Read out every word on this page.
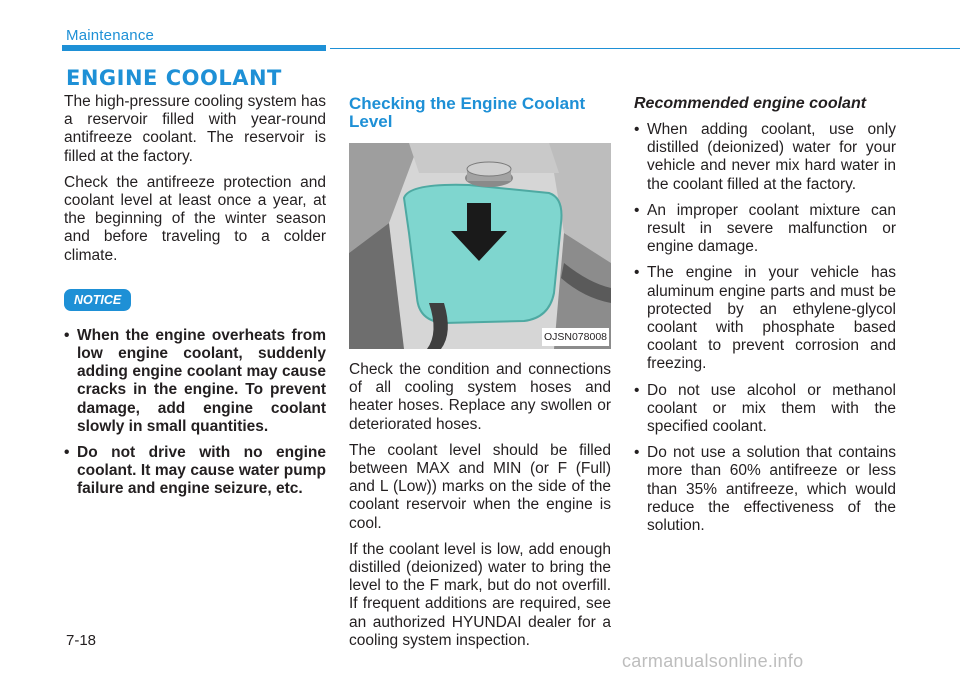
Maintenance
ENGINE COOLANT

The high-pressure cooling system has a reservoir filled with year-round antifreeze coolant. The reservoir is filled at the factory.

Check the antifreeze protection and coolant level at least once a year, at the beginning of the winter season and before traveling to a colder climate.

NOTICE
• When the engine overheats from low engine coolant, suddenly adding engine coolant may cause cracks in the engine. To prevent damage, add engine coolant slowly in small quantities.
• Do not drive with no engine coolant. It may cause water pump failure and engine seizure, etc.
Checking the Engine Coolant Level
OJSN078008

Check the condition and connections of all cooling system hoses and heater hoses. Replace any swollen or deteriorated hoses.

The coolant level should be filled between MAX and MIN (or F (Full) and L (Low)) marks on the side of the coolant reservoir when the engine is cool.

If the coolant level is low, add enough distilled (deionized) water to bring the level to the F mark, but do not overfill. If frequent additions are required, see an authorized HYUNDAI dealer for a cooling system inspection.

Recommended engine coolant
• When adding coolant, use only distilled (deionized) water for your vehicle and never mix hard water in the coolant filled at the factory.
• An improper coolant mixture can result in severe malfunction or engine damage.
• The engine in your vehicle has aluminum engine parts and must be protected by an ethylene-glycol coolant with phosphate based coolant to prevent corrosion and freezing.
• Do not use alcohol or methanol coolant or mix them with the specified coolant.
• Do not use a solution that contains more than 60% antifreeze or less than 35% antifreeze, which would reduce the effectiveness of the solution.
7-18
carmanualsonline.info
